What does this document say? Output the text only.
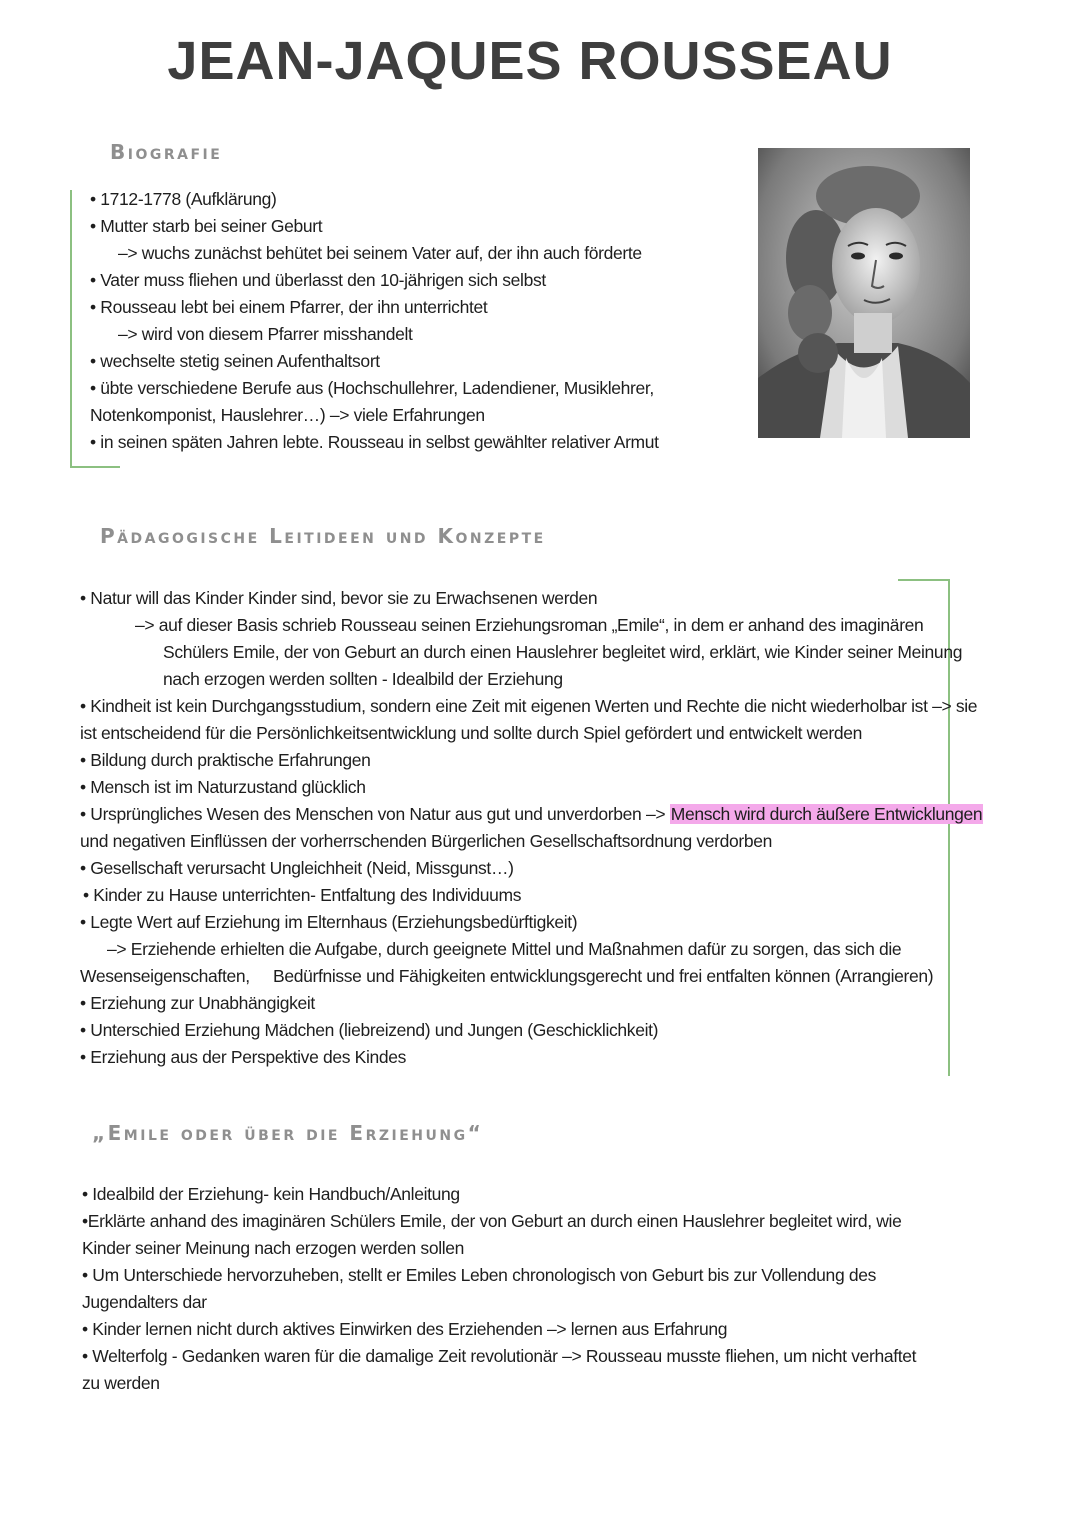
JEAN-JAQUES ROUSSEAU
Biografie
• 1712-1778 (Aufklärung)
• Mutter starb bei seiner Geburt
–> wuchs zunächst behütet bei seinem Vater auf, der ihn auch förderte
• Vater muss fliehen und überlasst den 10-jährigen sich selbst
• Rousseau lebt bei einem Pfarrer, der ihn unterrichtet
–> wird von diesem Pfarrer misshandelt
• wechselte stetig seinen Aufenthaltsort
• übte verschiedene Berufe aus (Hochschullehrer, Ladendiener, Musiklehrer,
Notenkomponist, Hauslehrer…) –> viele Erfahrungen
• in seinen späten Jahren lebte. Rousseau in selbst gewählter relativer Armut
Pädagogische Leitideen und Konzepte
• Natur will das Kinder Kinder sind, bevor sie zu Erwachsenen werden
–> auf dieser Basis schrieb Rousseau seinen Erziehungsroman „Emile“, in dem er anhand des imaginären
Schülers Emile, der von Geburt an durch einen Hauslehrer begleitet wird, erklärt, wie Kinder seiner Meinung
nach erzogen werden sollten - Idealbild der Erziehung
• Kindheit ist kein Durchgangsstudium, sondern eine Zeit mit eigenen Werten und Rechte die nicht wiederholbar ist –> sie
ist entscheidend für die Persönlichkeitsentwicklung und sollte durch Spiel gefördert und entwickelt werden
• Bildung durch praktische Erfahrungen
• Mensch ist im Naturzustand glücklich
• Ursprüngliches Wesen des Menschen von Natur aus gut und unverdorben –> Mensch wird durch äußere Entwicklungen
und negativen Einflüssen der vorherrschenden Bürgerlichen Gesellschaftsordnung verdorben
• Gesellschaft verursacht Ungleichheit (Neid, Missgunst…)
• Kinder zu Hause unterrichten- Entfaltung des Individuums
• Legte Wert auf Erziehung im Elternhaus (Erziehungsbedürftigkeit)
–> Erziehende erhielten die Aufgabe, durch geeignete Mittel und Maßnahmen dafür zu sorgen, das sich die
Wesenseigenschaften, Bedürfnisse und Fähigkeiten entwicklungsgerecht und frei entfalten können (Arrangieren)
• Erziehung zur Unabhängigkeit
• Unterschied Erziehung Mädchen (liebreizend) und Jungen (Geschicklichkeit)
• Erziehung aus der Perspektive des Kindes
„Emile oder über die Erziehung“
• Idealbild der Erziehung- kein Handbuch/Anleitung
•Erklärte anhand des imaginären Schülers Emile, der von Geburt an durch einen Hauslehrer begleitet wird, wie
Kinder seiner Meinung nach erzogen werden sollen
• Um Unterschiede hervorzuheben, stellt er Emiles Leben chronologisch von Geburt bis zur Vollendung des
Jugendalters dar
• Kinder lernen nicht durch aktives Einwirken des Erziehenden –> lernen aus Erfahrung
• Welterfolg - Gedanken waren für die damalige Zeit revolutionär –> Rousseau musste fliehen, um nicht verhaftet
zu werden
